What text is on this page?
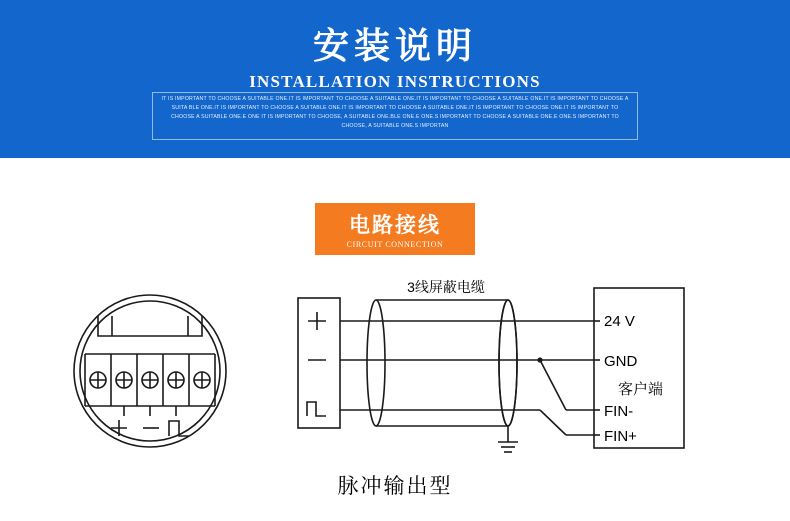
安装说明
INSTALLATION INSTRUCTIONS
IT IS IMPORTANT TO CHOOSE A SUITABLE ONE.IT IS IMPORTANT TO CHOOSE A SUITABLE ONE.IT IS IMPORTANT TO CHOOSE A SUITABLE ONE.IT IS IMPORTANT TO CHOOSE A SUITA BLE ONE.IT IS IMPORTANT TO CHOOSE A SUITABLE ONE.IT IS IMPORTANT TO CHOOSE A SUITABLE ONE.IT IS IMPORTANT TO CHOOSE ONE.IT IS IMPORTANT TO CHOOSE A SUITABLE ONE.E ONE IT IS IMPORTANT TO CHOOSE, A SUITABLE ONE.BLE ONE.E ONE.S IMPORTANT TO CHOOSE A SUITABLE ONE.E ONE.S IMPORTANT TO CHOOSE, A SUITABLE ONE.S IMPORTAN
电路接线
CIRCUIT CONNECTION
3线屏蔽电缆
24 V
GND
客户端
FIN-
FIN+
脉冲输出型
